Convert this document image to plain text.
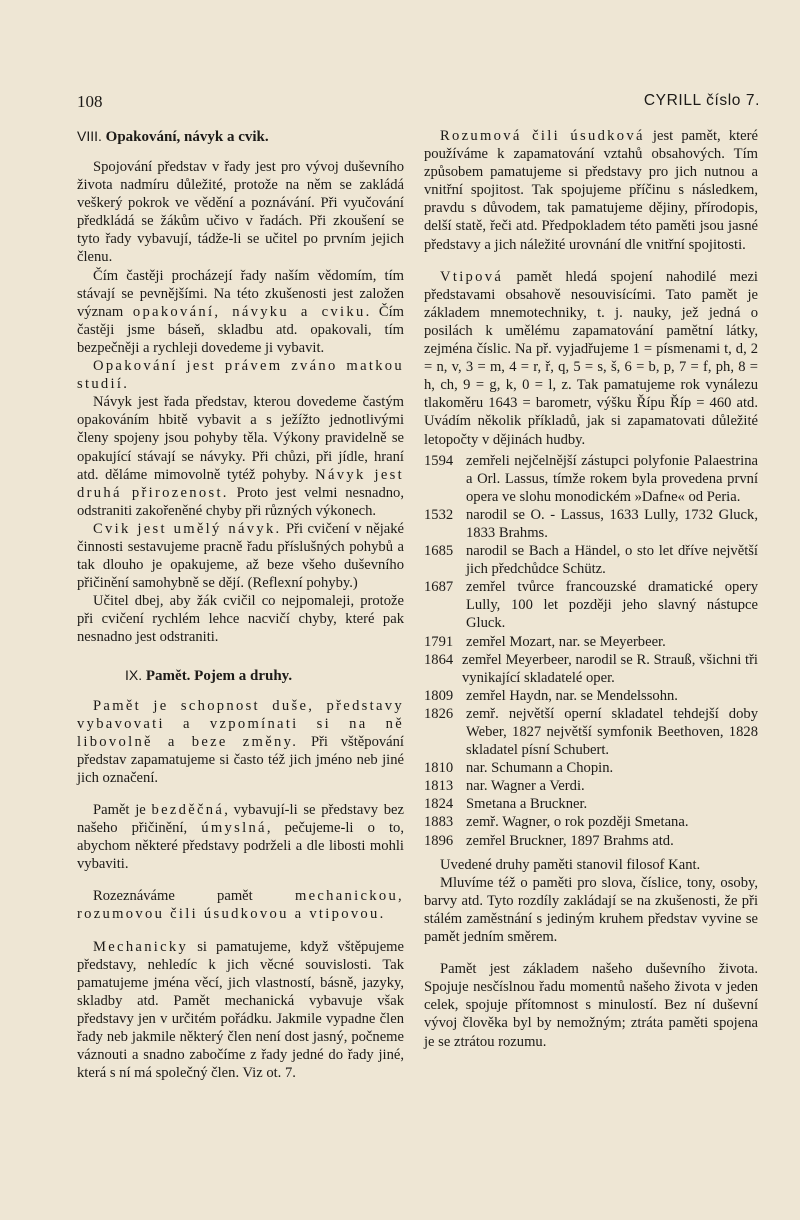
108	CYRILL číslo 7.
VIII. Opakování, návyk a cvik.

Spojování představ v řady jest pro vývoj duševního života nadmíru důležité, protože na něm se zakládá veškerý pokrok ve vědění a poznávání. Při vyučování předkládá se žákům učivo v řadách. Při zkoušení se tyto řady vybavují, tádže-li se učitel po prvním jejich členu.

Čím častěji procházejí řady naším vědomím, tím stávají se pevnějšími. Na této zkušenosti jest založen význam opakování, návyku a cviku. Čím častěji jsme báseň, skladbu atd. opakovali, tím bezpečněji a rychleji dovedeme ji vybavit.

Opakování jest právem zváno matkou studií.

Návyk jest řada představ, kterou dovedeme častým opakováním hbitě vybavit a s ježížto jednotlivými členy spojeny jsou pohyby těla. Výkony pravidelně se opakující stávají se návyky. Při chůzi, při jídle, hraní atd. děláme mimovolně tytéž pohyby. Návyk jest druhá přirozenost. Proto jest velmi nesnadno, odstraniti zakořeněné chyby při různých výkonech.

Cvik jest umělý návyk. Při cvičení v nějaké činnosti sestavujeme pracně řadu příslušných pohybů a tak dlouho je opakujeme, až beze všeho duševního přičinění samohybně se dějí. (Reflexní pohyby.)

Učitel dbej, aby žák cvičil co nejpomaleji, protože při cvičení rychlém lehce nacvičí chyby, které pak nesnadno jest odstraniti.

IX. Pamět. Pojem a druhy.

Pamět je schopnost duše, představy vybavovati a vzpomínati si na ně libovolně a beze změny. Při vštěpování představ zapamatujeme si často též jich jméno neb jiné jich označení.

Pamět je bezděčná, vybavují-li se představy bez našeho přičinění, úmyslná, pečujeme-li o to, abychom některé představy podrželi a dle libosti mohli vybaviti.

Rozeznáváme pamět mechanickou, rozumovou čili úsudkovou a vtipovou.

Mechanicky si pamatujeme, když vštěpujeme představy, nehledíc k jich věcné souvislosti. Tak pamatujeme jména věcí, jich vlastností, básně, jazyky, skladby atd. Pamět mechanická vybavuje však představy jen v určitém pořádku. Jakmile vypadne člen řady neb jakmile některý člen není dost jasný, počneme váznouti a snadno zabočíme z řady jedné do řady jiné, která s ní má společný člen. Viz ot. 7.

Rozumová čili úsudková jest pamět, které používáme k zapamatování vztahů obsahových. Tím způsobem pamatujeme si představy pro jich nutnou a vnitřní spojitost. Tak spojujeme příčinu s následkem, pravdu s důvodem, tak pamatujeme dějiny, přírodopis, delší statě, řeči atd. Předpokladem této paměti jsou jasné představy a jich náležité urovnání dle vnitřní spojitosti.

Vtipová pamět hledá spojení nahodilé mezi představami obsahově nesouvisícími. Tato pamět je základem mnemotechniky, t. j. nauky, jež jedná o posilách k umělému zapamatování pamětní látky, zejména číslic. Na př. vyjadřujeme 1 = písmenami t, d, 2 = n, v, 3 = m, 4 = r, ř, q, 5 = s, š, 6 = b, p, 7 = f, ph, 8 = h, ch, 9 = g, k, 0 = l, z. Tak pamatujeme rok vynálezu tlakoměru 1643 = barometr, výšku Řípu Říp = 460 atd. Uvádím několik příkladů, jak si zapamatovati důležité letopočty v dějinách hudby.

1594 zemřeli nejčelnější zástupci polyfonie Palaestrina a Orl. Lassus, tímže rokem byla provedena první opera ve slohu monodickém »Dafne« od Peria.
1532 narodil se O. - Lassus, 1633 Lully, 1732 Gluck, 1833 Brahms.
1685 narodil se Bach a Händel, o sto let dříve největší jich předchůdce Schütz.
1687 zemřel tvůrce francouzské dramatické opery Lully, 100 let později jeho slavný nástupce Gluck.
1791 zemřel Mozart, nar. se Meyerbeer.
1864 zemřel Meyerbeer, narodil se R. Strauß, všichni tři vynikající skladatelé oper.
1809 zemřel Haydn, nar. se Mendelssohn.
1826 zemř. největší operní skladatel tehdejší doby Weber, 1827 největší symfonik Beethoven, 1828 skladatel písní Schubert.
1810 nar. Schumann a Chopin.
1813 nar. Wagner a Verdi.
1824 Smetana a Bruckner.
1883 zemř. Wagner, o rok později Smetana.
1896 zemřel Bruckner, 1897 Brahms atd.

Uvedené druhy paměti stanovil filosof Kant.

Mluvíme též o paměti pro slova, číslice, tony, osoby, barvy atd. Tyto rozdíly zakládají se na zkušenosti, že při stálém zaměstnání s jediným kruhem představ vyvine se pamět jedním směrem.

Pamět jest základem našeho duševního života. Spojuje nesčíslnou řadu momentů našeho života v jeden celek, spojuje přítomnost s minulostí. Bez ní duševní vývoj člověka byl by nemožným; ztráta paměti spojena je se ztrátou rozumu.
